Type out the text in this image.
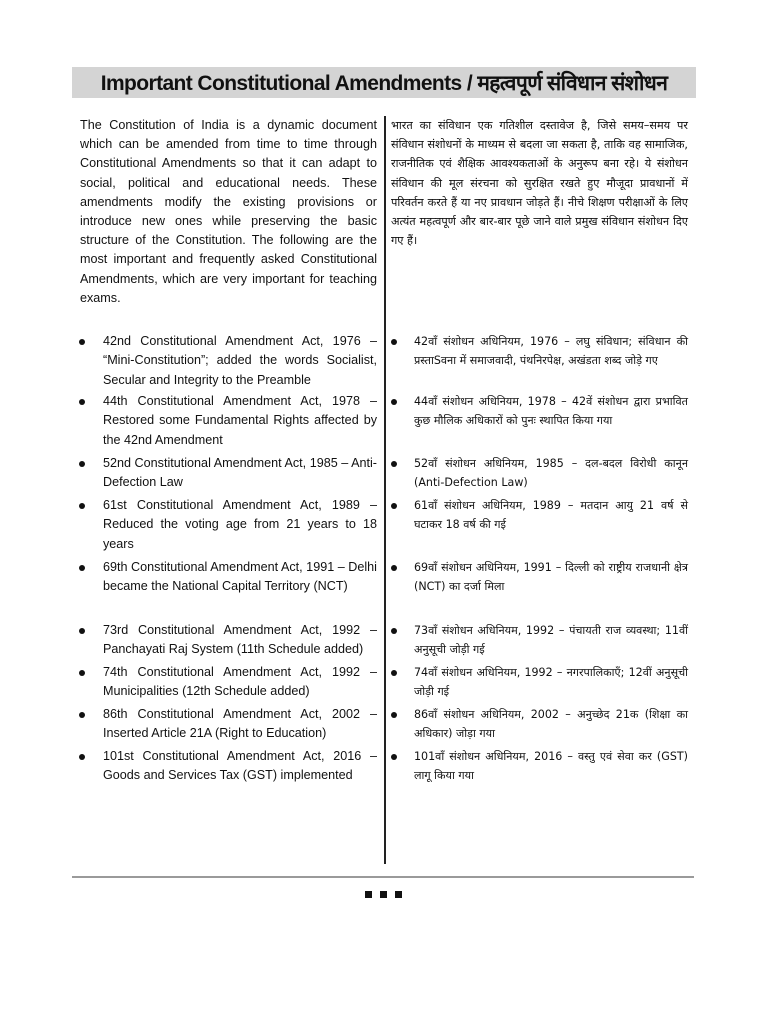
Important Constitutional Amendments / महत्वपूर्ण संविधान संशोधन

The Constitution of India is a dynamic document which can be amended from time to time through Constitutional Amendments so that it can adapt to social, political and educational needs. These amendments modify the existing provisions or introduce new ones while preserving the basic structure of the Constitution. The following are the most important and frequently asked Constitutional Amendments, which are very important for teaching exams.

42nd Constitutional Amendment Act, 1976 – “Mini-Constitution”; added the words Socialist, Secular and Integrity to the Preamble
44th Constitutional Amendment Act, 1978 – Restored some Fundamental Rights affected by the 42nd Amendment
52nd Constitutional Amendment Act, 1985 – Anti-Defection Law
61st Constitutional Amendment Act, 1989 – Reduced the voting age from 21 years to 18 years
69th Constitutional Amendment Act, 1991 – Delhi became the National Capital Territory (NCT)
73rd Constitutional Amendment Act, 1992 – Panchayati Raj System (11th Schedule added)
74th Constitutional Amendment Act, 1992 – Municipalities (12th Schedule added)
86th Constitutional Amendment Act, 2002 – Inserted Article 21A (Right to Education)
101st Constitutional Amendment Act, 2016 – Goods and Services Tax (GST) implemented

भारत का संविधान एक गतिशील दस्तावेज है, जिसे समय–समय पर संविधान संशोधनों के माध्यम से बदला जा सकता है, ताकि वह सामाजिक, राजनीतिक एवं शैक्षिक आवश्यकताओं के अनुरूप बना रहे। ये संशोधन संविधान की मूल संरचना को सुरक्षित रखते हुए मौजूदा प्रावधानों में परिवर्तन करते हैं या नए प्रावधान जोड़ते हैं। नीचे शिक्षण परीक्षाओं के लिए अत्यंत महत्वपूर्ण और बार-बार पूछे जाने वाले प्रमुख संविधान संशोधन दिए गए हैं।

42वाँ संशोधन अधिनियम, 1976 – लघु संविधान; संविधान की प्रस्ताSवना में समाजवादी, पंथनिरपेक्ष, अखंडता शब्द जोड़े गए
44वाँ संशोधन अधिनियम, 1978 – 42वें संशोधन द्वारा प्रभावित कुछ मौलिक अधिकारों को पुनः स्थापित किया गया
52वाँ संशोधन अधिनियम, 1985 – दल-बदल विरोधी कानून (Anti-Defection Law)
61वाँ संशोधन अधिनियम, 1989 – मतदान आयु 21 वर्ष से घटाकर 18 वर्ष की गई
69वाँ संशोधन अधिनियम, 1991 – दिल्ली को राष्ट्रीय राजधानी क्षेत्र (NCT) का दर्जा मिला
73वाँ संशोधन अधिनियम, 1992 – पंचायती राज व्यवस्था; 11वीं अनुसूची जोड़ी गई
74वाँ संशोधन अधिनियम, 1992 – नगरपालिकाएँ; 12वीं अनुसूची जोड़ी गई
86वाँ संशोधन अधिनियम, 2002 – अनुच्छेद 21क (शिक्षा का अधिकार) जोड़ा गया
101वाँ संशोधन अधिनियम, 2016 – वस्तु एवं सेवा कर (GST) लागू किया गया
